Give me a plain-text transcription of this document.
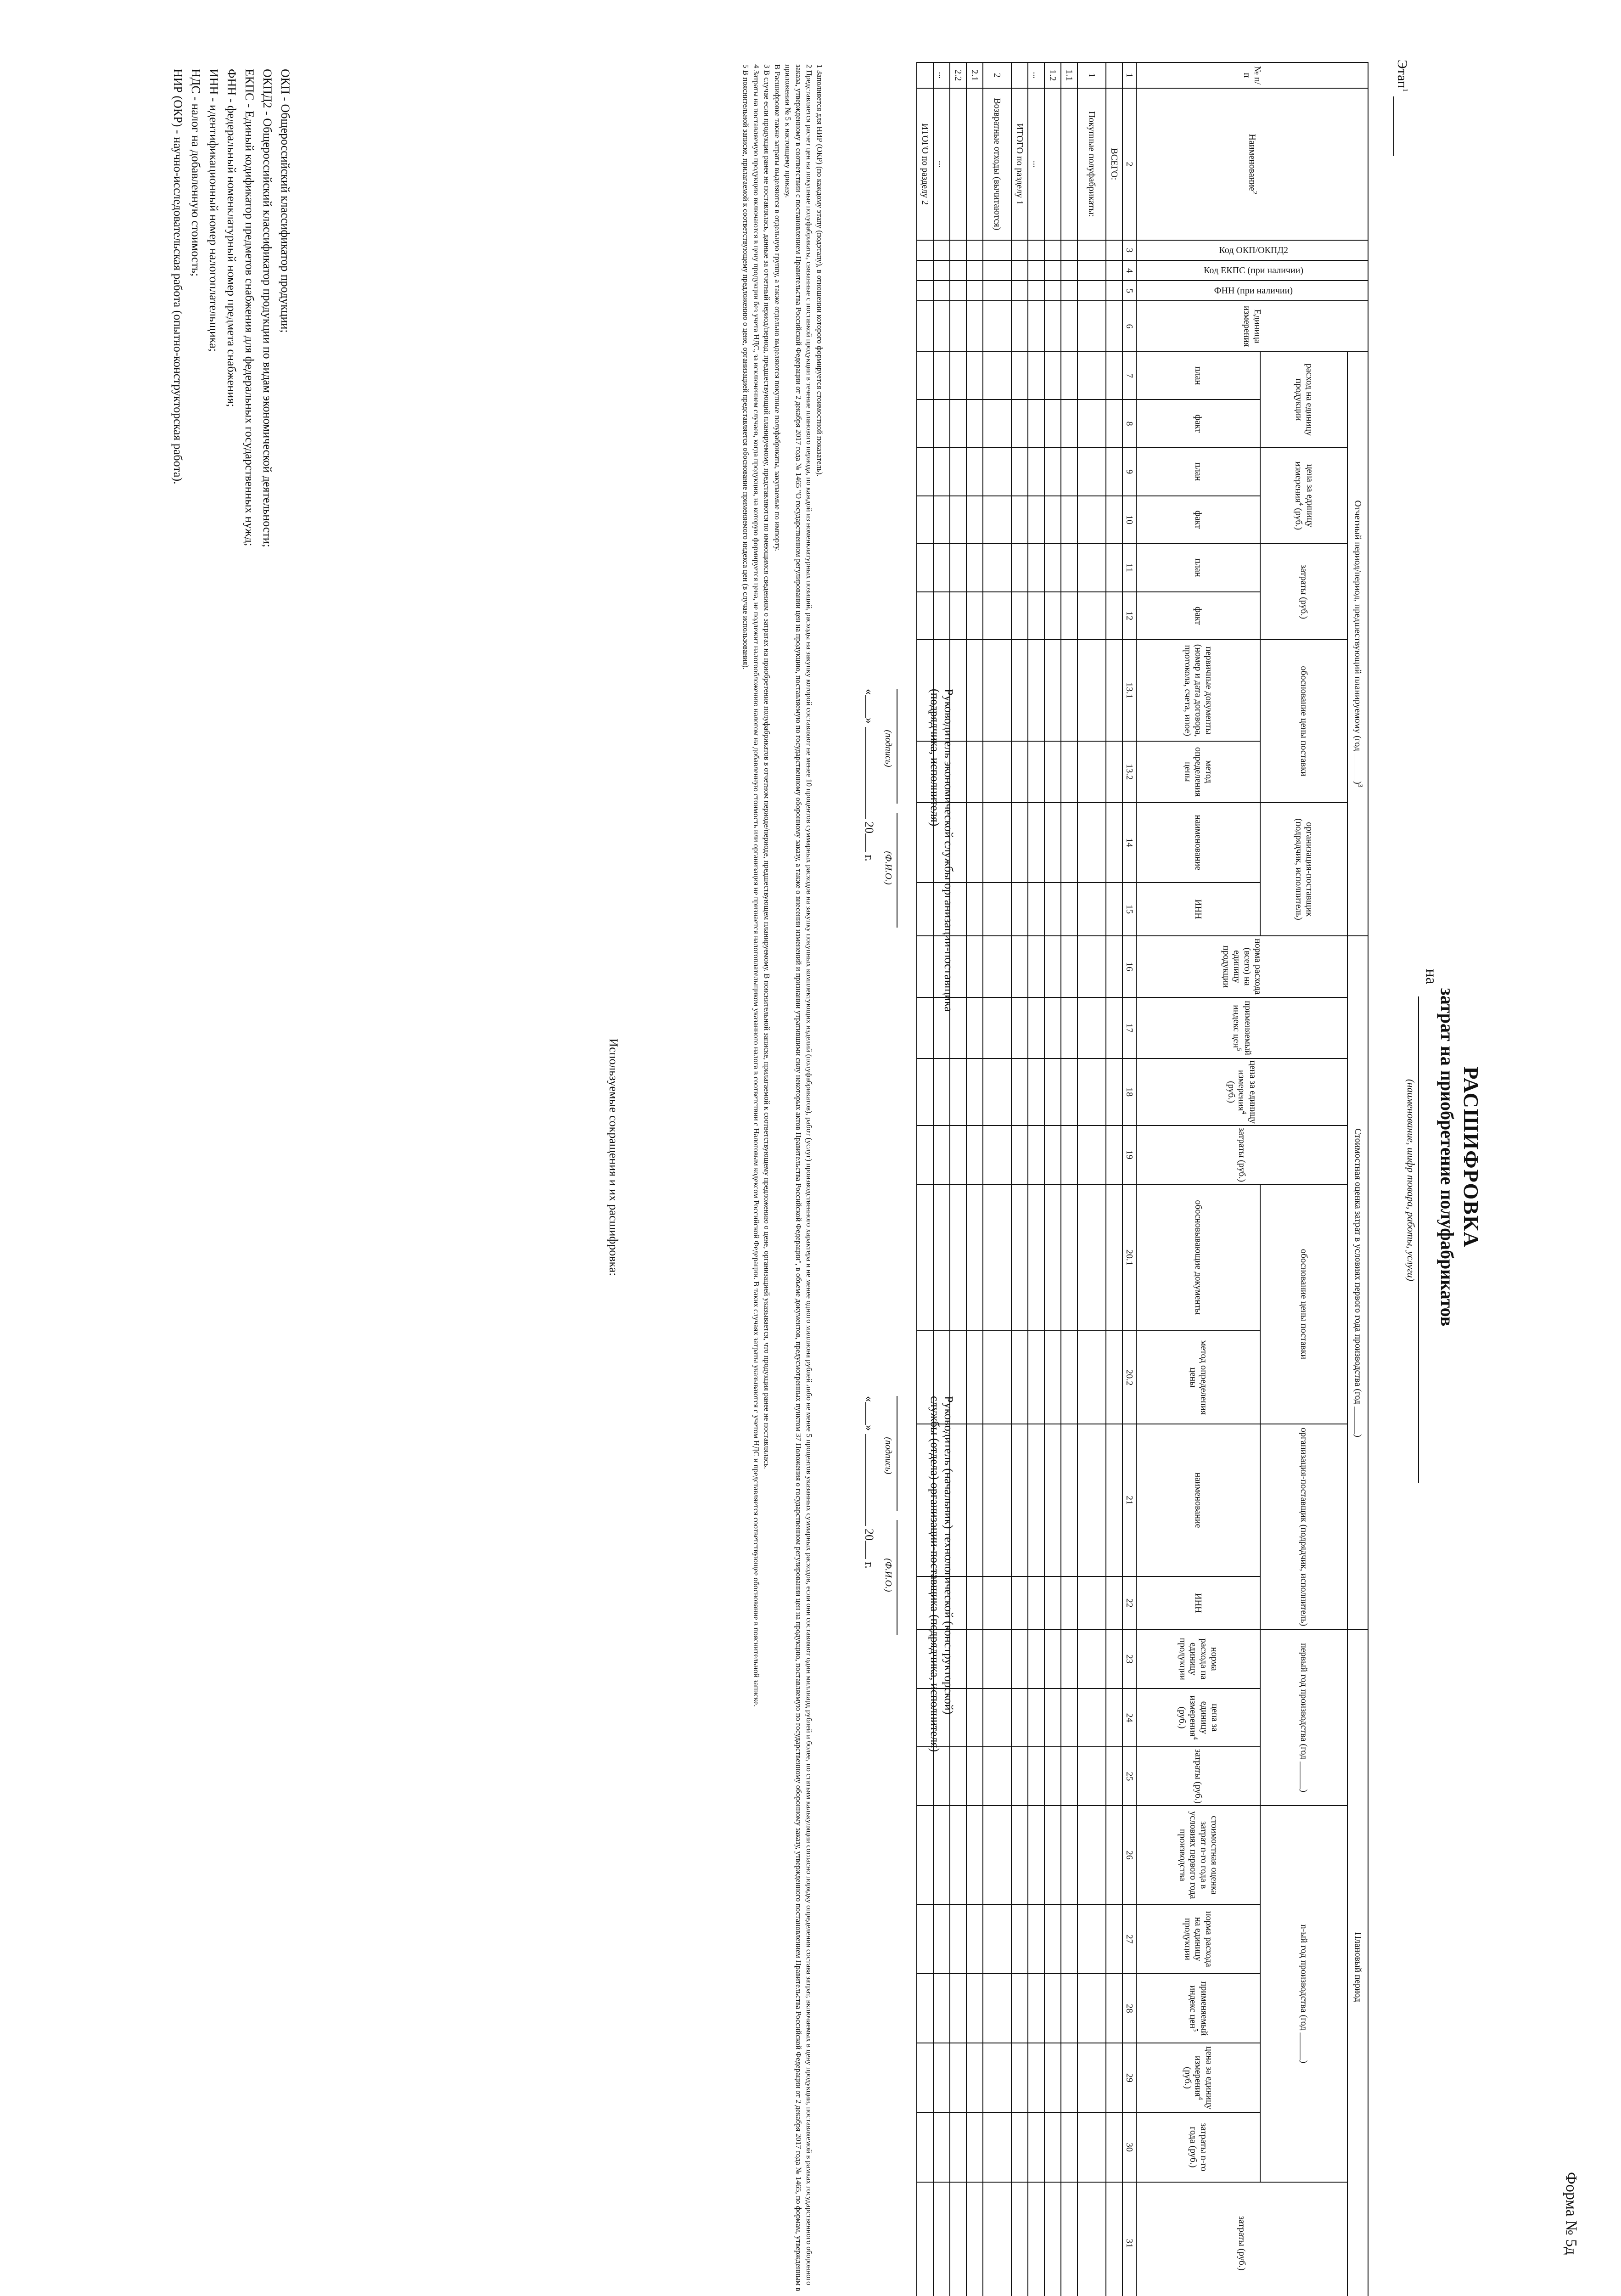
Форма № 5д
РАСШИФРОВКА
затрат на приобретение полуфабрикатов
на
(наименование, шифр товара, работы, услуги)
Этап$^1$
№ п/п	Наименование$^2$	Код ОКП/ОКПД2	Код ЕКПС (при наличии)	ФНН (при наличии)	Единица измерения	Отчетный период/период, предшествующий планируемому (год ______)$^3$										Стоимостная оценка затрат в условиях первого года производства (год ______)								Плановый период								
						расход на единицу продукции		цена за единицу измерения$^4$ (руб.)		затраты (руб.)		обоснование цены поставки		организация-поставщик (подрядчик, исполнитель)		норма расхода (всего) на единицу продукции	применяемый индекс цен$^5$	цена за единицу измерения$^4$ (руб.)	затраты (руб.)	обоснование цены поставки		организация-поставщик (подрядчик, исполнитель)		первый год производства (год ______)			n-ый год производства (год ______)					затраты (руб.)

						план	факт	план	факт	план	факт	первичные документы (номер и дата договора, протокола, счета, иное)	метод определения цены	наименование	ИНН					обосновывающие документы	метод определения цены	наименование	ИНН	норма расхода на единицу продукции	цена за единицу измерения$^4$ (руб.)	затраты (руб.)	стоимостная оценка затрат n-го года в условиях первого года производства	норма расхода на единицу продукции	применяемый индекс цен$^5$	цена за единицу измерения$^4$ (руб.)	затраты n-го года (руб.)	
1	2	3	4	5	6	7	8	9	10	11	12	13.1	13.2	14	15	16	17	18	19	20.1	20.2	21	22	23	24	25	26	27	28	29	30	31
	ВСЕГО:																															
1	Покупные полуфабрикаты:																															
1.1																																
1.2																																
...	...																															
	ИТОГО по разделу 1																															
2	Возвратные отходы (вычитаются)																															
2.1																																
2.2																																
...	...																															
	ИТОГО по разделу 2																															
Руководитель экономической службы организации-поставщика
(подрядчика, исполнителя)

(подпись)(Ф.И.О.)
«»  20 г.
Руководитель (начальник) технологической (конструкторской)
службы (отдела) организации-поставщика (подрядчика, исполнителя)

(подпись)(Ф.И.О.)
«»  20 г.
1 Заполняется для НИР (ОКР) (по каждому этапу (подэтапу), в отношении которого формируется стоимостной показатель).
2 Представляется расчет цен на покупные полуфабрикаты, связанные с поставкой продукции в течение планового периода, по каждой из номенклатурных позиций, расходы на закупку которой составляют не менее 10 процентов суммарных расходов на закупку покупных комплектующих изделий (полуфабрикатов), работ (услуг) производственного характера и не менее одного миллиона рублей либо не менее 5 процентов указанных суммарных расходов, если они составляют один миллиард рублей и более, по статьям калькуляции согласно порядку определения состава затрат, включаемых в цену продукции, поставляемой в рамках государственного оборонного заказа, утвержденному в соответствии с постановлением Правительства Российской Федерации от 2 декабря 2017 года № 1465 "О государственном регулировании цен на продукцию, поставляемую по государственному оборонному заказу, а также о внесении изменений и признании утратившими силу некоторых актов Правительства Российской Федерации", в объеме документов, предусмотренных пунктом 37 Положения о государственном регулировании цен на продукцию, поставляемую по государственному оборонному заказу, утвержденного постановлением Правительства Российской Федерации от 2 декабря 2017 года № 1465, по формам, утвержденным в приложении № 5 к настоящему приказу.
В Расшифровке также затраты выделяются в отдельную группу, а также отдельно выделяются покупные полуфабрикаты, закупаемые по импорту.
3 В случае если продукция ранее не поставлялась, данные за отчетный период/период, предшествующий планируемому, представляются по имеющимся сведениям о затратах на приобретение полуфабрикатов в отчетном периоде/периоде, предшествующем планируемому. В пояснительной записке, прилагаемой к соответствующему предложению о цене, организацией указывается, что продукция ранее не поставлялась.
4 Затраты на поставляемую продукцию включаются в цену продукции без учета НДС, за исключением случаев, когда продукция, на которую формируется цена, не подлежит налогообложению налогом на добавленную стоимость или организация не признается налогоплательщиком указанного налога в соответствии с Налоговым кодексом Российской Федерации. В таких случаях затраты указываются с учетом НДС и представляется соответствующее обоснование в пояснительной записке.
5 В пояснительной записке, прилагаемой к соответствующему предложению о цене, организацией представляется обоснование применяемого индекса цен (в случае использования).
Используемые сокращения и их расшифровка:
ОКП - Общероссийский классификатор продукции;
ОКПД2 - Общероссийский классификатор продукции по видам экономической деятельности;
ЕКПС - Единый кодификатор предметов снабжения для федеральных государственных нужд;
ФНН - федеральный номенклатурный номер предмета снабжения;
ИНН - идентификационный номер налогоплательщика;
НДС - налог на добавленную стоимость;
НИР (ОКР) - научно-исследовательская работа (опытно-конструкторская работа).
